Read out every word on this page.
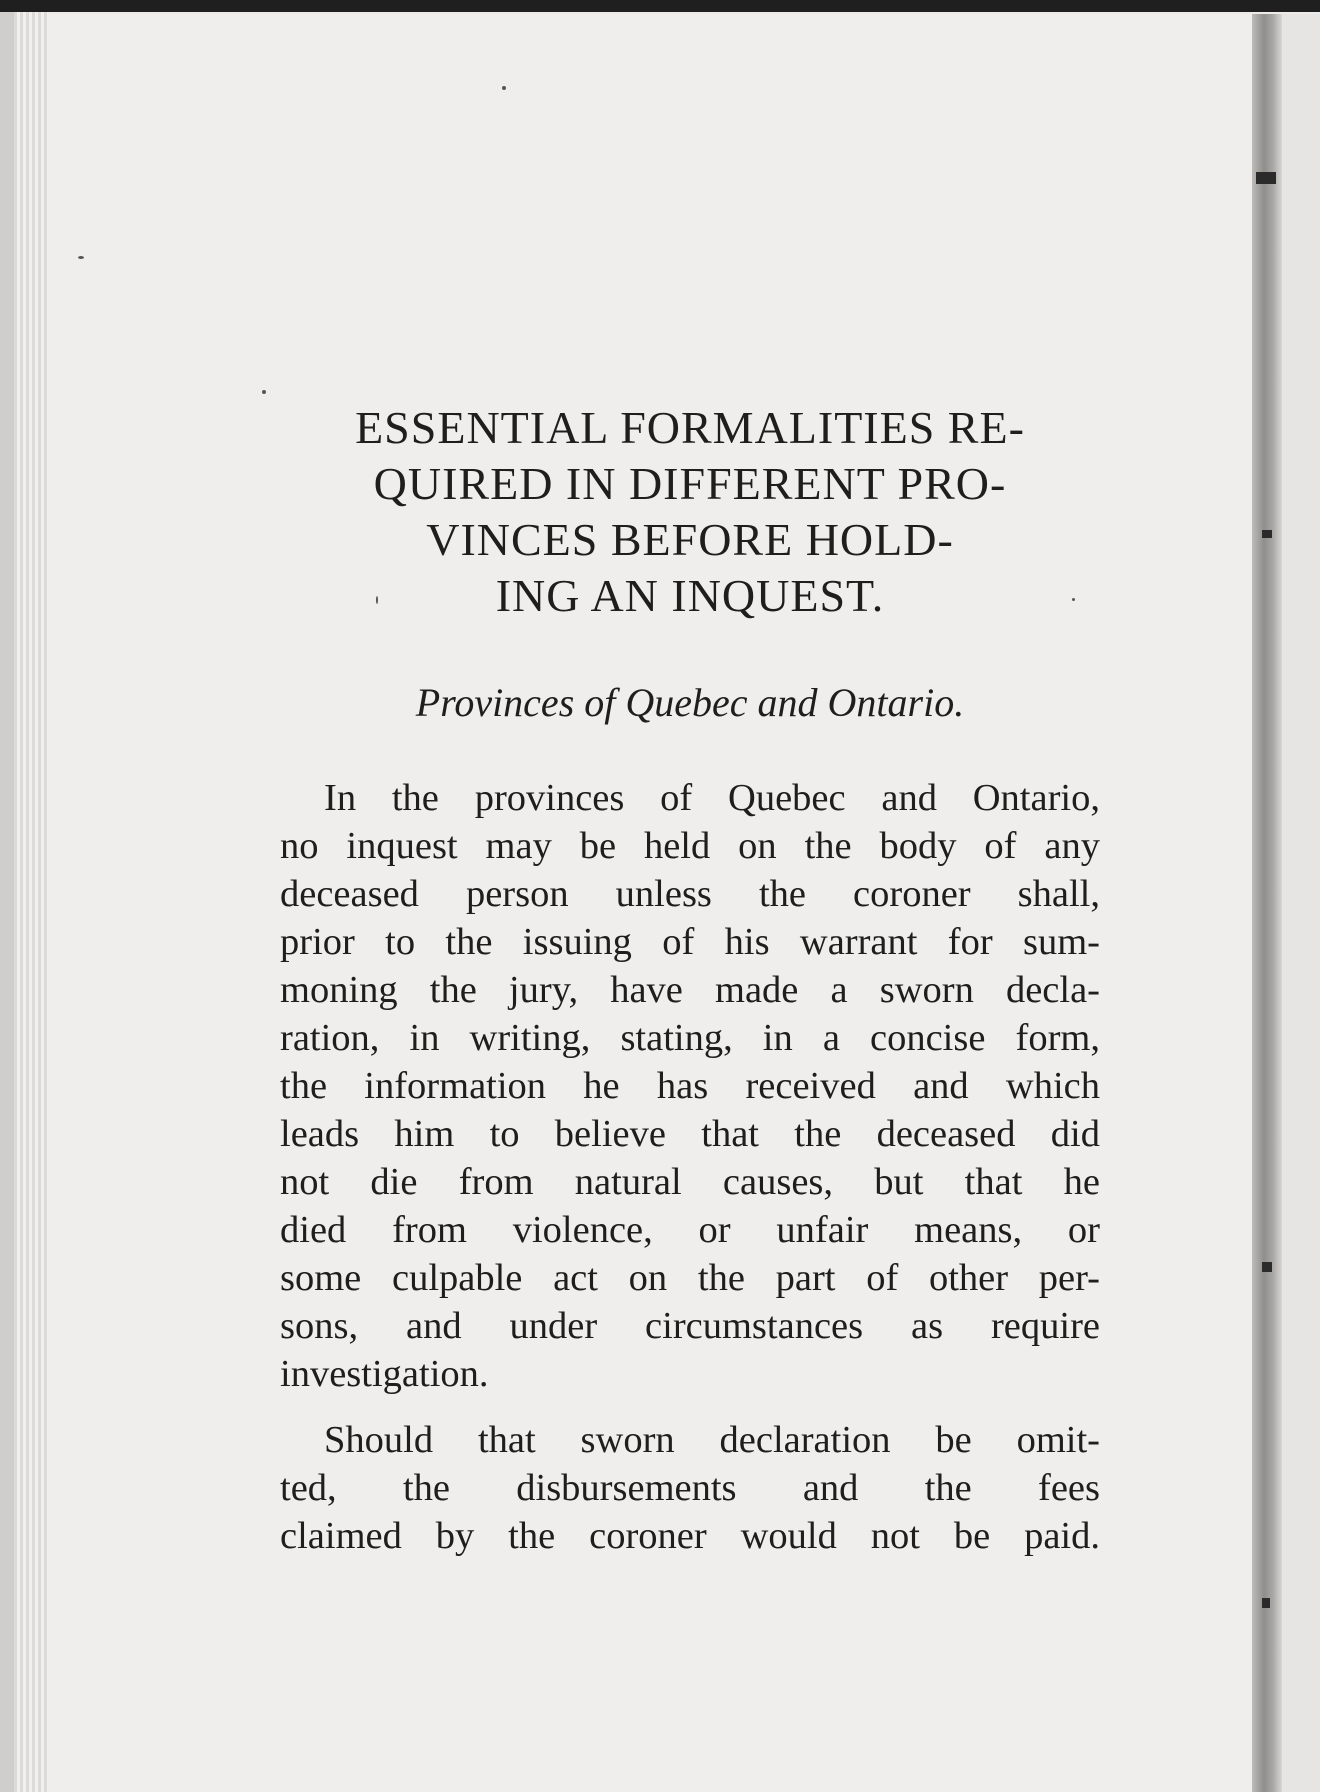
ESSENTIAL FORMALITIES RE-
QUIRED IN DIFFERENT PRO-
VINCES BEFORE HOLD-
ING AN INQUEST.

Provinces of Quebec and Ontario.

In the provinces of Quebec and Ontario,
no inquest may be held on the body of any
deceased person unless the coroner shall,
prior to the issuing of his warrant for sum-
moning the jury, have made a sworn decla-
ration, in writing, stating, in a concise form,
the information he has received and which
leads him to believe that the deceased did
not die from natural causes, but that he
died from violence, or unfair means, or
some culpable act on the part of other per-
sons, and under circumstances as require
investigation.

Should that sworn declaration be omit-
ted, the disbursements and the fees
claimed by the coroner would not be paid.
